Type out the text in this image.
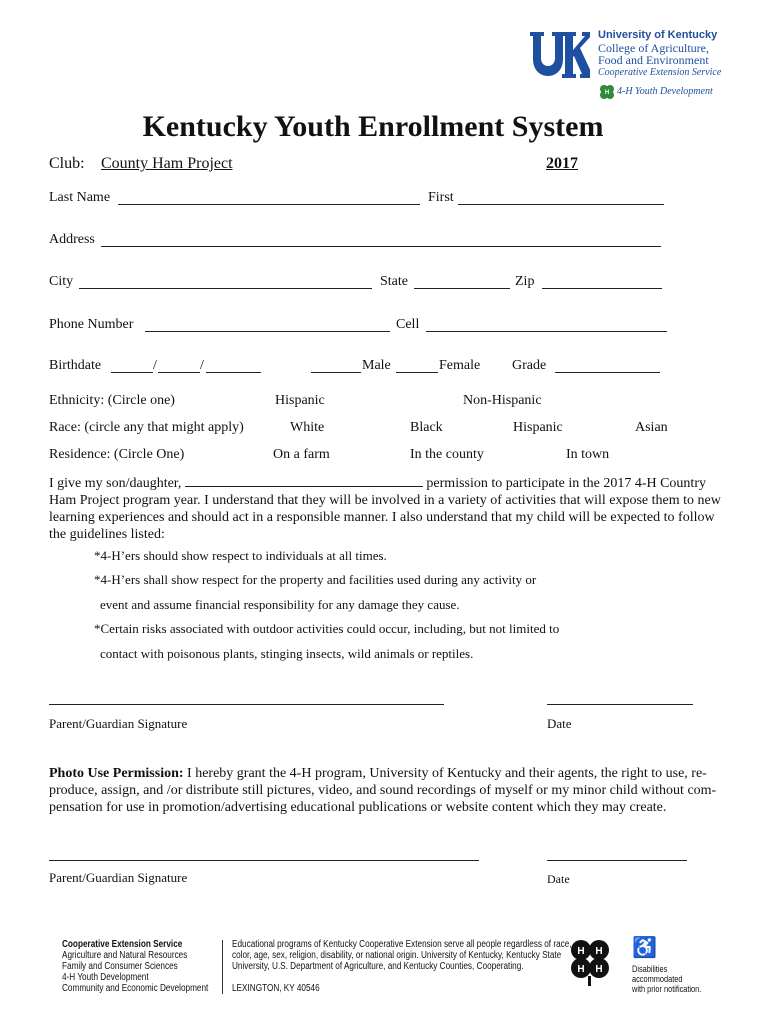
University of Kentucky
College of Agriculture,
Food and Environment
Cooperative Extension Service
H 4-H Youth Development
Kentucky Youth Enrollment System
Club: County Ham Project	2017
Last Name	First
Address
City	State	Zip
Phone Number	Cell
Birthdate	/	/	Male	Female Grade
Ethnicity: (Circle one)	Hispanic	Non-Hispanic
Race: (circle any that might apply)	White	Black	Hispanic	Asian
Residence: (Circle One)	On a farm	In the county	In town
I give my son/daughter,	permission to participate in the 2017 4-H Country Ham Project program year. I understand that they will be involved in a variety of activities that will expose them to new learning experiences and should act in a responsible manner. I also understand that my child will be expected to follow the guidelines listed:
*4-H’ers should show respect to individuals at all times.
*4-H’ers shall show respect for the property and facilities used during any activity or
event and assume financial responsibility for any damage they cause.
*Certain risks associated with outdoor activities could occur, including, but not limited to
contact with poisonous plants, stinging insects, wild animals or reptiles.
Parent/Guardian Signature	Date
Photo Use Permission: I hereby grant the 4-H program, University of Kentucky and their agents, the right to use, re-produce, assign, and /or distribute still pictures, video, and sound recordings of myself or my minor child without com-pensation for use in promotion/advertising educational publications or website content which they may create.
Parent/Guardian Signature	Date
Cooperative Extension Service
Agriculture and Natural Resources
Family and Consumer Sciences
4-H Youth Development
Community and Economic Development
Educational programs of Kentucky Cooperative Extension serve all people regardless of race,
color, age, sex, religion, disability, or national origin. University of Kentucky, Kentucky State
University, U.S. Department of Agriculture, and Kentucky Counties, Cooperating.
LEXINGTON, KY 40546
H H
H H
♿
Disabilities
accommodated
with prior notification.
